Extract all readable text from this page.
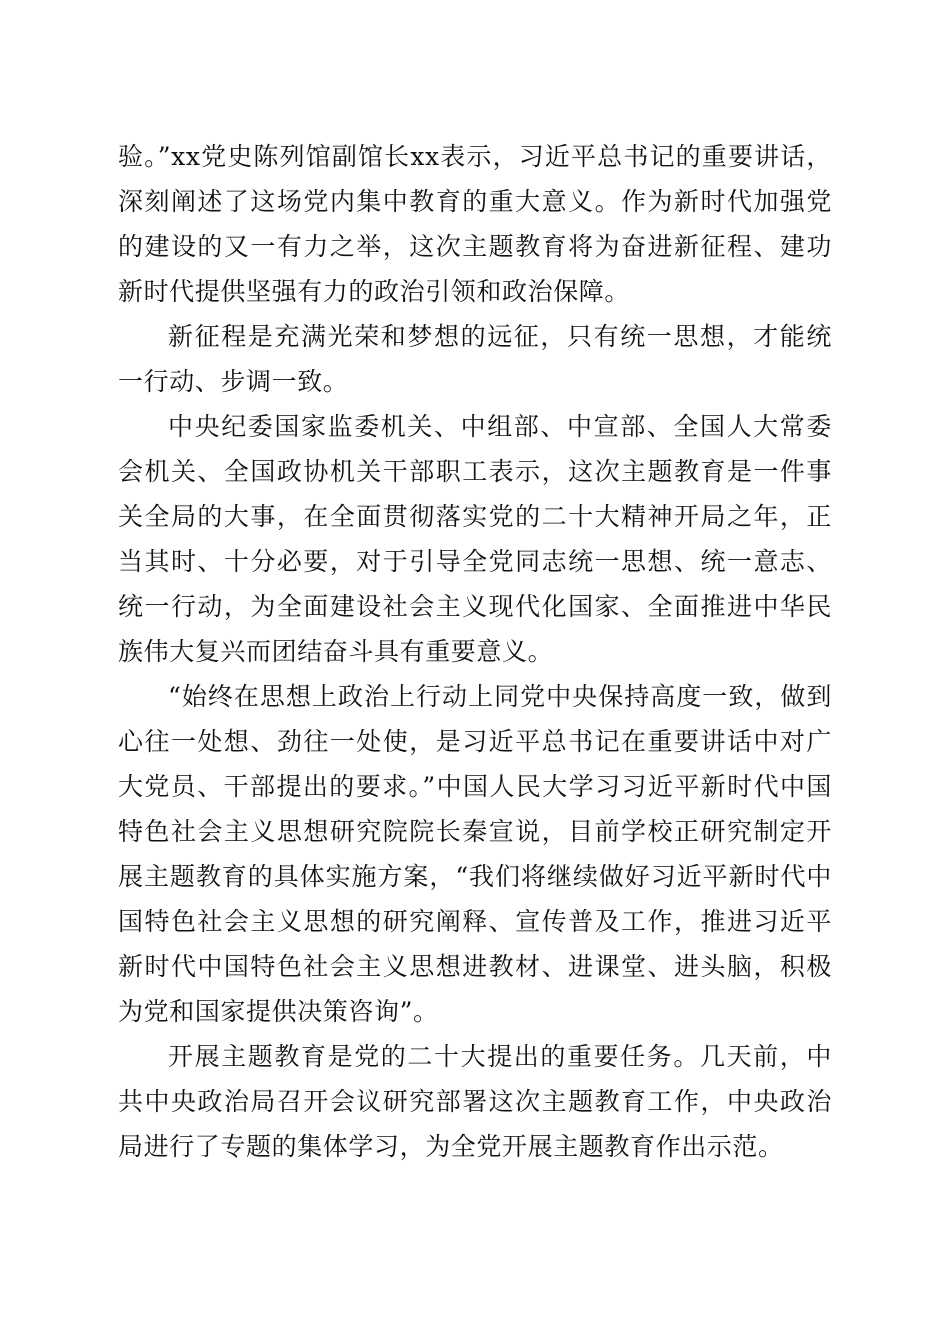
验。”xx党史陈列馆副馆长xx表示，习近平总书记的重要讲话，深刻阐述了这场党内集中教育的重大意义。作为新时代加强党的建设的又一有力之举，这次主题教育将为奋进新征程、建功新时代提供坚强有力的政治引领和政治保障。

新征程是充满光荣和梦想的远征，只有统一思想，才能统一行动、步调一致。

中央纪委国家监委机关、中组部、中宣部、全国人大常委会机关、全国政协机关干部职工表示，这次主题教育是一件事关全局的大事，在全面贯彻落实党的二十大精神开局之年，正当其时、十分必要，对于引导全党同志统一思想、统一意志、统一行动，为全面建设社会主义现代化国家、全面推进中华民族伟大复兴而团结奋斗具有重要意义。

“始终在思想上政治上行动上同党中央保持高度一致，做到心往一处想、劲往一处使，是习近平总书记在重要讲话中对广大党员、干部提出的要求。”中国人民大学习习近平新时代中国特色社会主义思想研究院院长秦宣说，目前学校正研究制定开展主题教育的具体实施方案，“我们将继续做好习近平新时代中国特色社会主义思想的研究阐释、宣传普及工作，推进习近平新时代中国特色社会主义思想进教材、进课堂、进头脑，积极为党和国家提供决策咨询”。

开展主题教育是党的二十大提出的重要任务。几天前，中共中央政治局召开会议研究部署这次主题教育工作，中央政治局进行了专题的集体学习，为全党开展主题教育作出示范。
